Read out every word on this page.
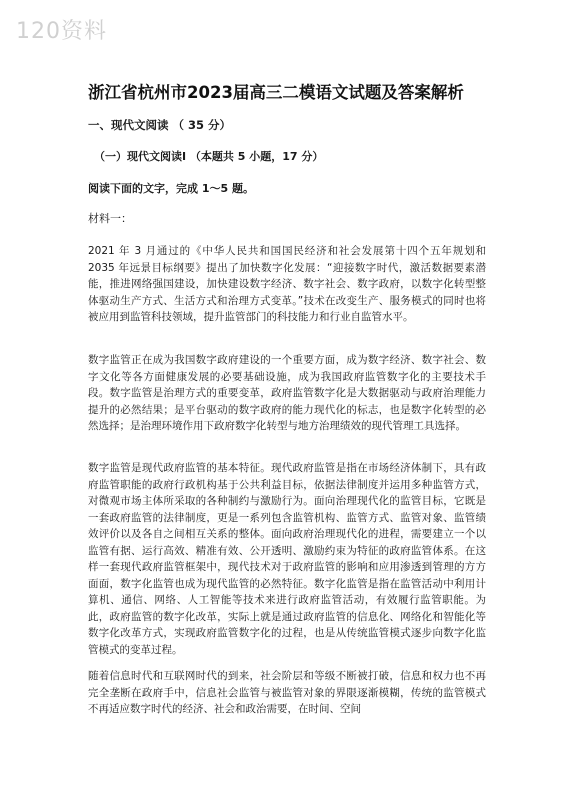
120资料
浙江省杭州市2023届高三二模语文试题及答案解析
一、现代文阅读 （ 35 分）
（一）现代文阅读Ⅰ （本题共 5 小题，17 分）
阅读下面的文字，完成 1～5 题。
材料一：

2021 年 3 月通过的《中华人民共和国国民经济和社会发展第十四个五年规划和 2035 年远景目标纲要》提出了加快数字化发展：“迎接数字时代，激活数据要素潜能，推进网络强国建设，加快建设数字经济、数字社会、数字政府，以数字化转型整体驱动生产方式、生活方式和治理方式变革。”技术在改变生产、服务模式的同时也将被应用到监管科技领域，提升监管部门的科技能力和行业自监管水平。

数字监管正在成为我国数字政府建设的一个重要方面，成为数字经济、数字社会、数字文化等各方面健康发展的必要基础设施，成为我国政府监管数字化的主要技术手段。数字监管是治理方式的重要变革，政府监管数字化是大数据驱动与政府治理能力提升的必然结果；是平台驱动的数字政府的能力现代化的标志，也是数字化转型的必然选择；是治理环境作用下政府数字化转型与地方治理绩效的现代管理工具选择。

数字监管是现代政府监管的基本特征。现代政府监管是指在市场经济体制下，具有政府监管职能的政府行政机构基于公共利益目标，依据法律制度并运用多种监管方式，对微观市场主体所采取的各种制约与激励行为。面向治理现代化的监管目标，它既是一套政府监管的法律制度，更是一系列包含监管机构、监管方式、监管对象、监管绩效评价以及各自之间相互关系的整体。面向政府治理现代化的进程，需要建立一个以监管有据、运行高效、精准有效、公开透明、激励约束为特征的政府监管体系。在这样一套现代政府监管框架中，现代技术对于政府监管的影响和应用渗透到管理的方方面面，数字化监管也成为现代监管的必然特征。数字化监管是指在监管活动中利用计算机、通信、网络、人工智能等技术来进行政府监管活动，有效履行监管职能。为此，政府监管的数字化改革，实际上就是通过政府监管的信息化、网络化和智能化等数字化改革方式，实现政府监管数字化的过程，也是从传统监管模式逐步向数字化监管模式的变革过程。

随着信息时代和互联网时代的到来，社会阶层和等级不断被打破，信息和权力也不再完全垄断在政府手中，信息社会监管与被监管对象的界限逐渐模糊，传统的监管模式不再适应数字时代的经济、社会和政治需要，在时间、空间
